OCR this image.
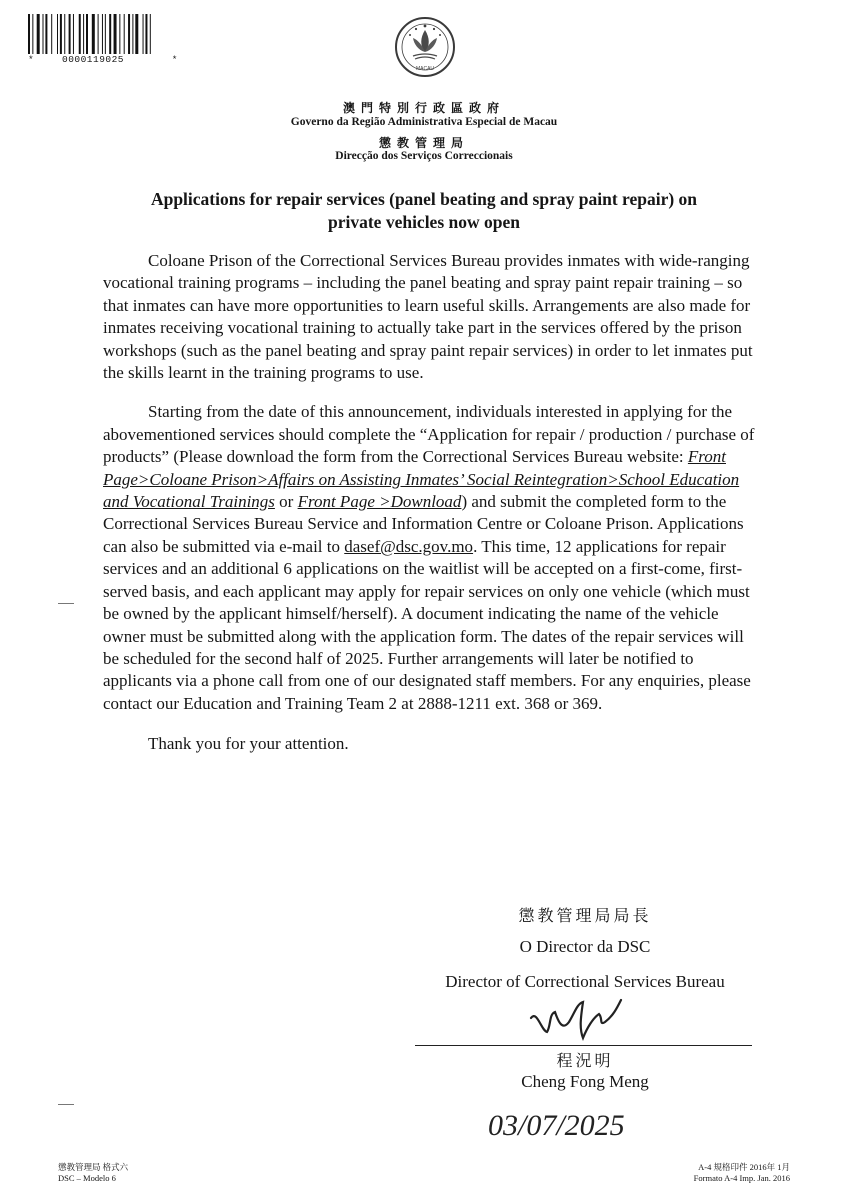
*	0000119025	*
MACAU
澳門特別行政區政府
Governo da Região Administrativa Especial de Macau
懲教管理局
Direcção dos Serviços Correccionais
Applications for repair services (panel beating and spray paint repair) on
private vehicles now open

Coloane Prison of the Correctional Services Bureau provides inmates with wide-ranging vocational training programs – including the panel beating and spray paint repair training – so that inmates can have more opportunities to learn useful skills. Arrangements are also made for inmates receiving vocational training to actually take part in the services offered by the prison workshops (such as the panel beating and spray paint repair services) in order to let inmates put the skills learnt in the training programs to use.

Starting from the date of this announcement, individuals interested in applying for the abovementioned services should complete the “Application for repair / production / purchase of products” (Please download the form from the Correctional Services Bureau website: Front Page>Coloane Prison>Affairs on Assisting Inmates’ Social Reintegration>School Education and Vocational Trainings or Front Page >Download) and submit the completed form to the Correctional Services Bureau Service and Information Centre or Coloane Prison. Applications can also be submitted via e-mail to dasef@dsc.gov.mo. This time, 12 applications for repair services and an additional 6 applications on the waitlist will be accepted on a first-come, first-served basis, and each applicant may apply for repair services on only one vehicle (which must be owned by the applicant himself/herself). A document indicating the name of the vehicle owner must be submitted along with the application form. The dates of the repair services will be scheduled for the second half of 2025. Further arrangements will later be notified to applicants via a phone call from one of our designated staff members. For any enquiries, please contact our Education and Training Team 2 at 2888-1211 ext. 368 or 369.

Thank you for your attention.

懲教管理局局長
O Director da DSC
Director of Correctional Services Bureau
程況明
Cheng Fong Meng
03/07/2025
懲教管理局 格式六
DSC – Modelo 6
A-4 規格印件 2016年 1月
Formato A-4 Imp. Jan. 2016
